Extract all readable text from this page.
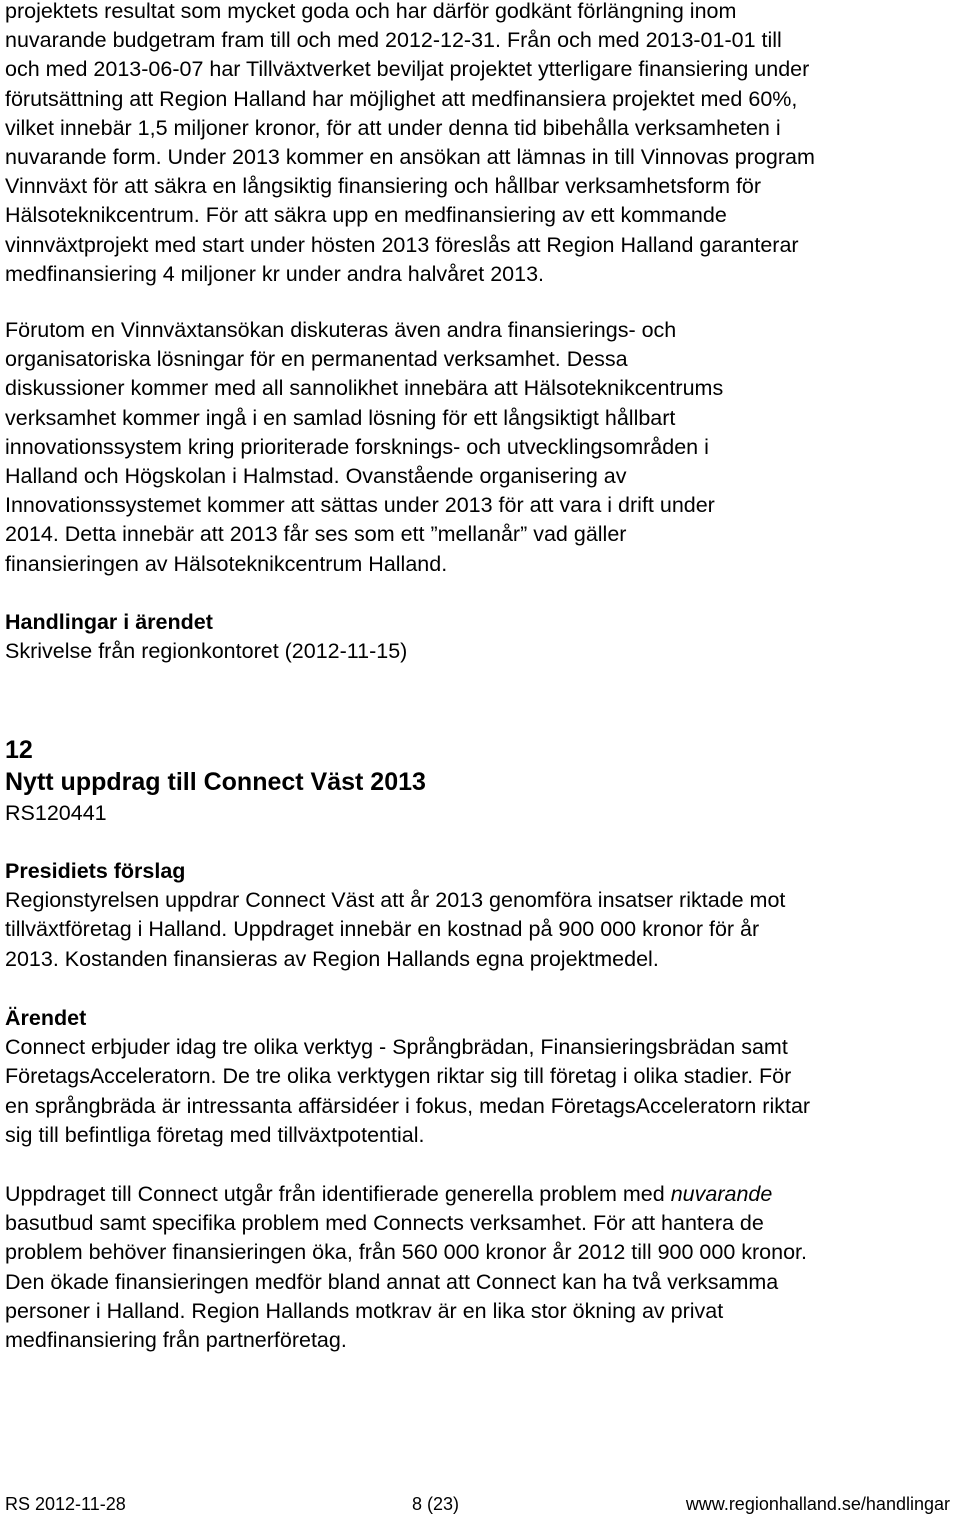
projektets resultat som mycket goda och har därför godkänt förlängning inom
nuvarande budgetram fram till och med 2012-12-31. Från och med 2013-01-01 till
och med 2013-06-07 har Tillväxtverket beviljat projektet ytterligare finansiering under
förutsättning att Region Halland har möjlighet att medfinansiera projektet med 60%,
vilket innebär 1,5 miljoner kronor, för att under denna tid bibehålla verksamheten i
nuvarande form. Under 2013 kommer en ansökan att lämnas in till Vinnovas program
Vinnväxt för att säkra en långsiktig finansiering och hållbar verksamhetsform för
Hälsoteknikcentrum. För att säkra upp en medfinansiering av ett kommande
vinnväxtprojekt med start under hösten 2013 föreslås att Region Halland garanterar
medfinansiering 4 miljoner kr under andra halvåret 2013.
Förutom en Vinnväxtansökan diskuteras även andra finansierings- och
organisatoriska lösningar för en permanentad verksamhet. Dessa
diskussioner kommer med all sannolikhet innebära att Hälsoteknikcentrums
verksamhet kommer ingå i en samlad lösning för ett långsiktigt hållbart
innovationssystem kring prioriterade forsknings- och utvecklingsområden i
Halland och Högskolan i Halmstad. Ovanstående organisering av
Innovationssystemet kommer att sättas under 2013 för att vara i drift under
2014. Detta innebär att 2013 får ses som ett ”mellanår” vad gäller
finansieringen av Hälsoteknikcentrum Halland.
Handlingar i ärendet
Skrivelse från regionkontoret (2012-11-15)
12
Nytt uppdrag till Connect Väst 2013
RS120441
Presidiets förslag
Regionstyrelsen uppdrar Connect Väst att år 2013 genomföra insatser riktade mot
tillväxtföretag i Halland. Uppdraget innebär en kostnad på 900 000 kronor för år
2013. Kostanden finansieras av Region Hallands egna projektmedel.
Ärendet
Connect erbjuder idag tre olika verktyg - Språngbrädan, Finansieringsbrädan samt
FöretagsAcceleratorn. De tre olika verktygen riktar sig till företag i olika stadier. För
en språngbräda är intressanta affärsidéer i fokus, medan FöretagsAcceleratorn riktar
sig till befintliga företag med tillväxtpotential.
Uppdraget till Connect utgår från identifierade generella problem med nuvarande
basutbud samt specifika problem med Connects verksamhet. För att hantera de
problem behöver finansieringen öka, från 560 000 kronor år 2012 till 900 000 kronor.
Den ökade finansieringen medför bland annat att Connect kan ha två verksamma
personer i Halland. Region Hallands motkrav är en lika stor ökning av privat
medfinansiering från partnerföretag.
RS 2012-11-28	8 (23)	www.regionhalland.se/handlingar
